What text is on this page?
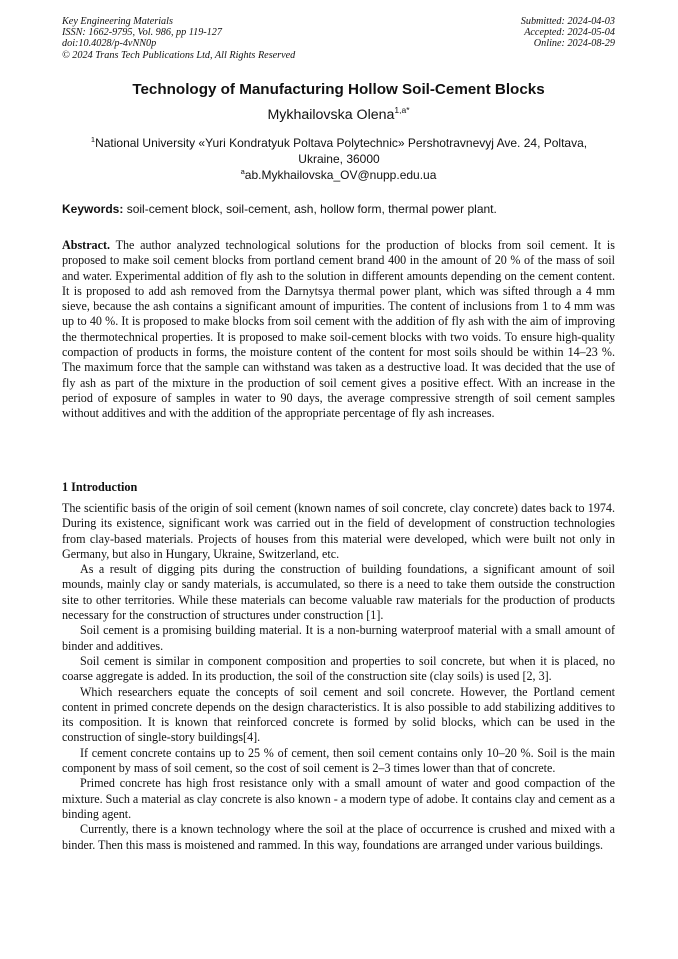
Key Engineering Materials
ISSN: 1662-9795, Vol. 986, pp 119-127
doi:10.4028/p-4vNN0p
© 2024 Trans Tech Publications Ltd, All Rights Reserved
Submitted: 2024-04-03
Accepted: 2024-05-04
Online: 2024-08-29
Technology of Manufacturing Hollow Soil-Cement Blocks
Mykhailovska Olena$^{1,a*}$
$^1$National University «Yuri Kondratyuk Poltava Polytechnic» Pershotravnevyj Ave. 24, Poltava, Ukraine, 36000
$^a$ab.Mykhailovska_OV@nupp.edu.ua
Keywords: soil-cement block, soil-cement, ash, hollow form, thermal power plant.
Abstract. The author analyzed technological solutions for the production of blocks from soil cement. It is proposed to make soil cement blocks from portland cement brand 400 in the amount of 20 % of the mass of soil and water. Experimental addition of fly ash to the solution in different amounts depending on the cement content. It is proposed to add ash removed from the Darnytsya thermal power plant, which was sifted through a 4 mm sieve, because the ash contains a significant amount of impurities. The content of inclusions from 1 to 4 mm was up to 40 %. It is proposed to make blocks from soil cement with the addition of fly ash with the aim of improving the thermotechnical properties. It is proposed to make soil-cement blocks with two voids. To ensure high-quality compaction of products in forms, the moisture content of the content for most soils should be within 14–23 %. The maximum force that the sample can withstand was taken as a destructive load. It was decided that the use of fly ash as part of the mixture in the production of soil cement gives a positive effect. With an increase in the period of exposure of samples in water to 90 days, the average compressive strength of soil cement samples without additives and with the addition of the appropriate percentage of fly ash increases.
1 Introduction

The scientific basis of the origin of soil cement (known names of soil concrete, clay concrete) dates back to 1974. During its existence, significant work was carried out in the field of development of construction technologies from clay-based materials. Projects of houses from this material were developed, which were built not only in Germany, but also in Hungary, Ukraine, Switzerland, etc.

As a result of digging pits during the construction of building foundations, a significant amount of soil mounds, mainly clay or sandy materials, is accumulated, so there is a need to take them outside the construction site to other territories. While these materials can become valuable raw materials for the production of products necessary for the construction of structures under construction [1].

Soil cement is a promising building material. It is a non-burning waterproof material with a small amount of binder and additives.

Soil cement is similar in component composition and properties to soil concrete, but when it is placed, no coarse aggregate is added. In its production, the soil of the construction site (clay soils) is used [2, 3].

Which researchers equate the concepts of soil cement and soil concrete. However, the Portland cement content in primed concrete depends on the design characteristics. It is also possible to add stabilizing additives to its composition. It is known that reinforced concrete is formed by solid blocks, which can be used in the construction of single-story buildings[4].

If cement concrete contains up to 25 % of cement, then soil cement contains only 10–20 %. Soil is the main component by mass of soil cement, so the cost of soil cement is 2–3 times lower than that of concrete.

Primed concrete has high frost resistance only with a small amount of water and good compaction of the mixture. Such a material as clay concrete is also known - a modern type of adobe. It contains clay and cement as a binding agent.

Currently, there is a known technology where the soil at the place of occurrence is crushed and mixed with a binder. Then this mass is moistened and rammed. In this way, foundations are arranged under various buildings.
